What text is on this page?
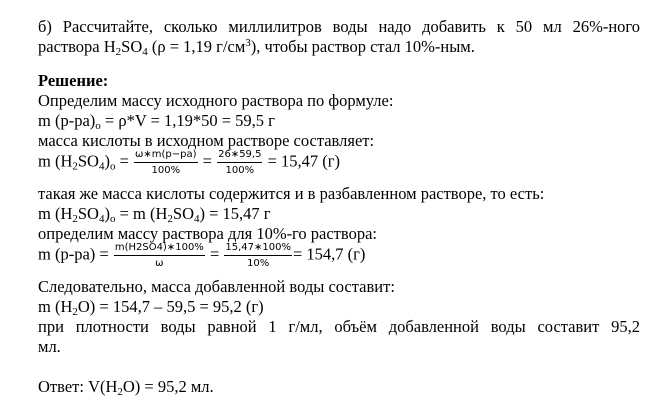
б) Рассчитайте, сколько миллилитров воды надо добавить к 50 мл 26%-ного
раствора $H_2SO_4$ (ρ = 1,19 $г/см^3$), чтобы раствор стал 10%-ным.
Решение:
Определим массу исходного раствора по формуле:
m $(р-ра)_о = \rho*V = 1,19*50 = 59,5$ г
масса кислоты в исходном растворе составляет:
m $(H_2SO_4)_о = \frac{\omega∗m(p-pa)}{100\%} = \frac{26∗59,5}{100\%} = 15,47$ (г)
такая же масса кислоты содержится и в разбавленном растворе, то есть:
m $(H_2SO_4)_о = m$ $(H_2SO_4) = 15,47$ г
определим массу раствора для 10%-го раствора:
m $(р-ра) = \frac{m(H2SO4)∗100\%}{\omega} = \frac{15,47∗100\%}{10\%} = 154,7$ (г)
Следовательно, масса добавленной воды составит:
m $(H_2O) = 154,7 - 59,5 = 95,2$ (г)
при плотности воды равной 1 г/мл, объём добавленной воды составит 95,2
мл.
Ответ: $V(H_2O) = 95,2$ мл.
